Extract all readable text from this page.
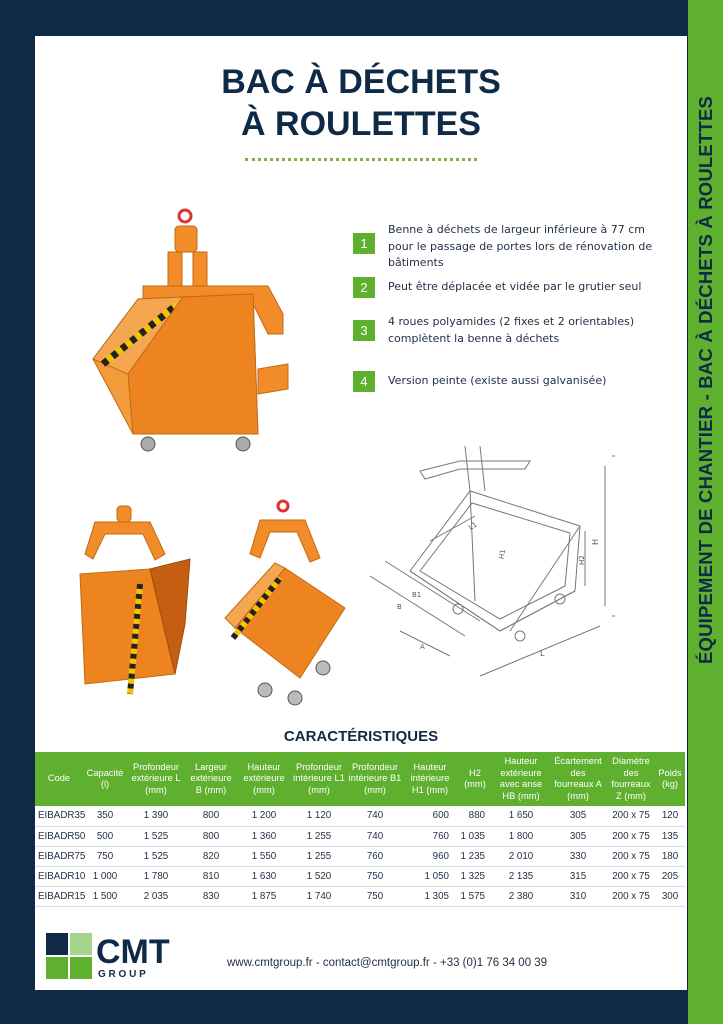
ÉQUIPEMENT DE CHANTIER - BAC À DÉCHETS À ROULETTES
BAC À DÉCHETS
À ROULETTES
1
Benne à déchets de largeur inférieure à 77 cm pour le passage de portes lors de rénovation de bâtiments
2	Peut être déplacée et vidée par le grutier seul
3
4 roues polyamides (2 fixes et 2 orientables) complètent la benne à déchets
4	Version peinte (existe aussi galvanisée)
H
H2
H1
L1
L
B
B1
A
CARACTÉRISTIQUES
Code	Capacité (l)	Profondeur extérieure L (mm)	Largeur extérieure B (mm)	Hauteur extérieure (mm)	Profondeur intérieure L1 (mm)	Profondeur intérieure B1 (mm)	Hauteur intérieure H1 (mm)	H2 (mm)	Hauteur extérieure avec anse HB (mm)	Écartement des fourreaux A (mm)	Diamètre des fourreaux Z (mm)	Poids (kg)
EIBADR35	350	1 390	800	1 200	1 120	740	600	880	1 650	305	200 x 75	120
EIBADR50	500	1 525	800	1 360	1 255	740	760	1 035	1 800	305	200 x 75	135
EIBADR75	750	1 525	820	1 550	1 255	760	960	1 235	2 010	330	200 x 75	180
EIBADR10	1 000	1 780	810	1 630	1 520	750	1 050	1 325	2 135	315	200 x 75	205
EIBADR15	1 500	2 035	830	1 875	1 740	750	1 305	1 575	2 380	310	200 x 75	300
CMT
G R O U P
www.cmtgroup.fr - contact@cmtgroup.fr - +33 (0)1 76 34 00 39
